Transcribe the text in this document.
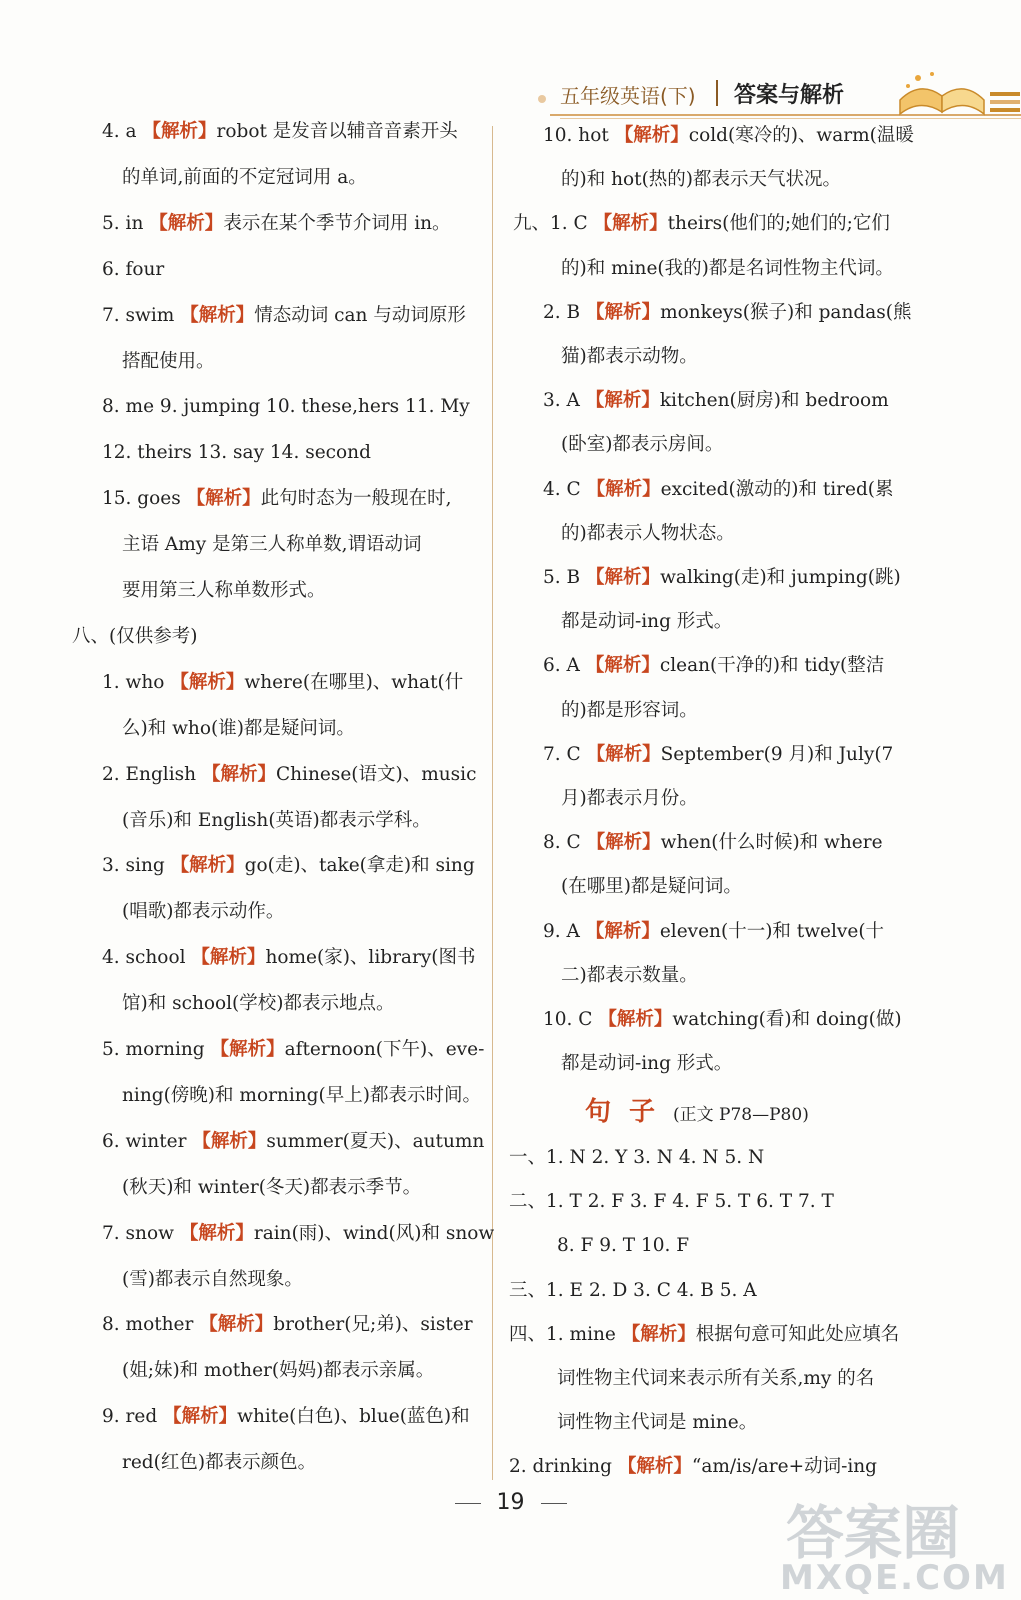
五年级英语(下) 答案与解析
4. a 【 解析 】 robot 是发音以辅音音素开头
的单词,前面的不定冠词用 a。
5. in 【 解析 】 表示在某个季节介词用 in。
6. four
7. swim 【 解析 】 情态动词 can 与动词原形
搭配使用。
8. me 9. jumping 10. these,hers 11. My
12. theirs 13. say 14. second
15. goes 【 解析 】 此句时态为一般现在时,
主语 Amy 是第三人称单数,谓语动词
要用第三人称单数形式。
八、(仅供参考)
1. who 【 解析 】 where(在哪里)、what(什
么)和 who(谁)都是疑问词。
2. English 【 解析 】 Chinese(语文)、music
(音乐)和 English(英语)都表示学科。
3. sing 【 解析 】 go(走)、take(拿走)和 sing
(唱歌)都表示动作。
4. school 【 解析 】 home(家)、library(图书
馆)和 school(学校)都表示地点。
5. morning 【 解析 】 afternoon(下午)、eve-
ning(傍晚)和 morning(早上)都表示时间。
6. winter 【 解析 】 summer(夏天)、autumn
(秋天)和 winter(冬天)都表示季节。
7. snow 【 解析 】 rain(雨)、wind(风)和 snow
(雪)都表示自然现象。
8. mother 【 解析 】 brother(兄;弟)、sister
(姐;妹)和 mother(妈妈)都表示亲属。
9. red 【 解析 】 white(白色)、blue(蓝色)和
red(红色)都表示颜色。
10. hot 【 解析 】 cold(寒冷的)、warm(温暖
的)和 hot(热的)都表示天气状况。
九、1. C 【 解析 】 theirs(他们的;她们的;它们
的)和 mine(我的)都是名词性物主代词。
2. B 【 解析 】 monkeys(猴子)和 pandas(熊
猫)都表示动物。
3. A 【 解析 】 kitchen(厨房)和 bedroom
(卧室)都表示房间。
4. C 【 解析 】 excited(激动的)和 tired(累
的)都表示人物状态。
5. B 【 解析 】 walking(走)和 jumping(跳)
都是动词-ing 形式。
6. A 【 解析 】 clean(干净的)和 tidy(整洁
的)都是形容词。
7. C 【 解析 】 September(9 月)和 July(7
月)都表示月份。
8. C 【 解析 】 when(什么时候)和 where
(在哪里)都是疑问词。
9. A 【 解析 】 eleven(十一)和 twelve(十
二)都表示数量。
10. C 【 解析 】 watching(看)和 doing(做)
都是动词-ing 形式。
句子(正文 P78—P80)
一、1. N 2. Y 3. N 4. N 5. N
二、1. T 2. F 3. F 4. F 5. T 6. T 7. T
8. F 9. T 10. F
三、1. E 2. D 3. C 4. B 5. A
四、1. mine 【 解析 】 根据句意可知此处应填名
词性物主代词来表示所有关系,my 的名
词性物主代词是 mine。
2. drinking 【 解析 】 “am/is/are+动词-ing
19	答案圈
MXQE.COM
